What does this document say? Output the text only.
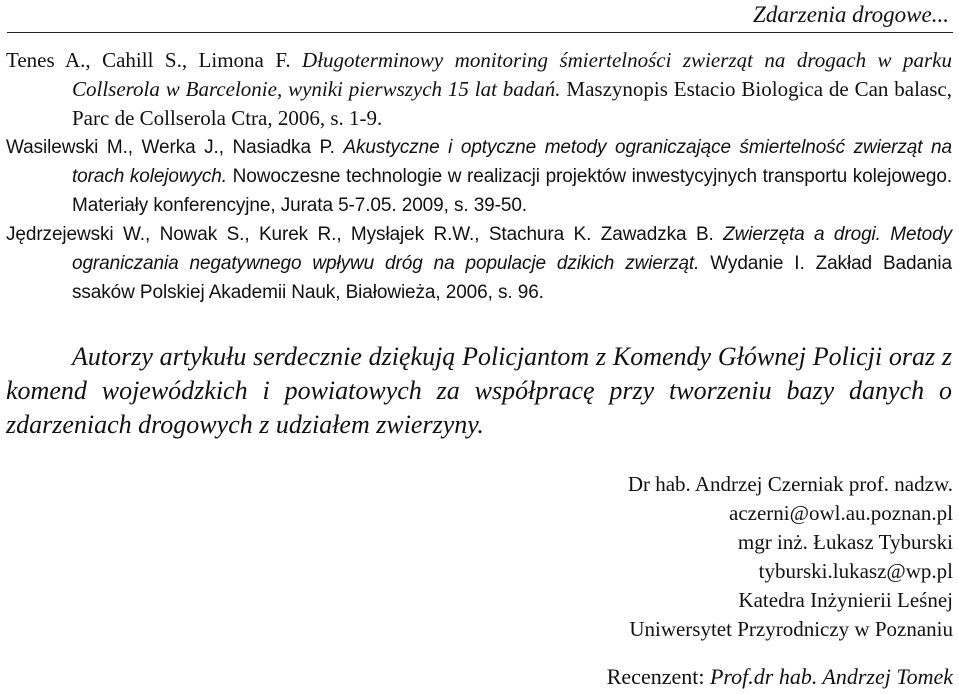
Zdarzenia drogowe...

Tenes A., Cahill S., Limona F. Długoterminowy monitoring śmiertelności zwierząt na drogach w parku Collserola w Barcelonie, wyniki pierwszych 15 lat badań. Maszynopis Estacio Biologica de Can balasc, Parc de Collserola Ctra, 2006, s. 1-9.

Wasilewski M., Werka J., Nasiadka P. Akustyczne i optyczne metody ograniczające śmiertelność zwierząt na torach kolejowych. Nowoczesne technologie w realizacji projektów inwestycyjnych transportu kolejowego. Materiały konferencyjne, Jurata 5-7.05. 2009, s. 39-50.

Jędrzejewski W., Nowak S., Kurek R., Mysłajek R.W., Stachura K. Zawadzka B. Zwierzęta a drogi. Metody ograniczania negatywnego wpływu dróg na populacje dzikich zwierząt. Wydanie I. Zakład Badania ssaków Polskiej Akademii Nauk, Białowieża, 2006, s. 96.

Autorzy artykułu serdecznie dziękują Policjantom z Komendy Głównej Policji oraz z komend wojewódzkich i powiatowych za współpracę przy tworzeniu bazy danych o zdarzeniach drogowych z udziałem zwierzyny.

Dr hab. Andrzej Czerniak prof. nadzw.
aczerni@owl.au.poznan.pl
mgr inż. Łukasz Tyburski
tyburski.lukasz@wp.pl
Katedra Inżynierii Leśnej
Uniwersytet Przyrodniczy w Poznaniu
Recenzent: Prof.dr hab. Andrzej Tomek
